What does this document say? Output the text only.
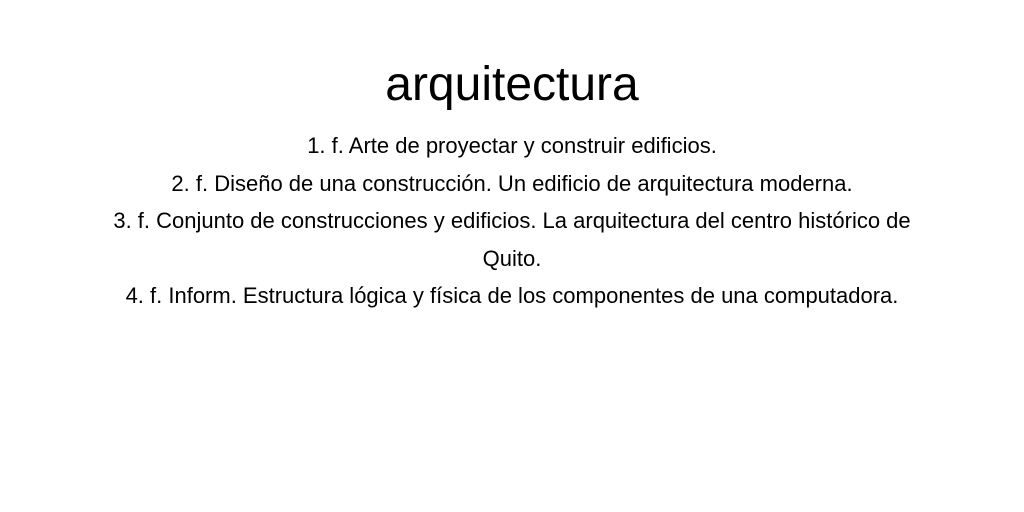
arquitectura
1. f. Arte de proyectar y construir edificios.
2. f. Diseño de una construcción. Un edificio de arquitectura moderna.
3. f. Conjunto de construcciones y edificios. La arquitectura del centro histórico de Quito.
4. f. Inform. Estructura lógica y física de los componentes de una computadora.
